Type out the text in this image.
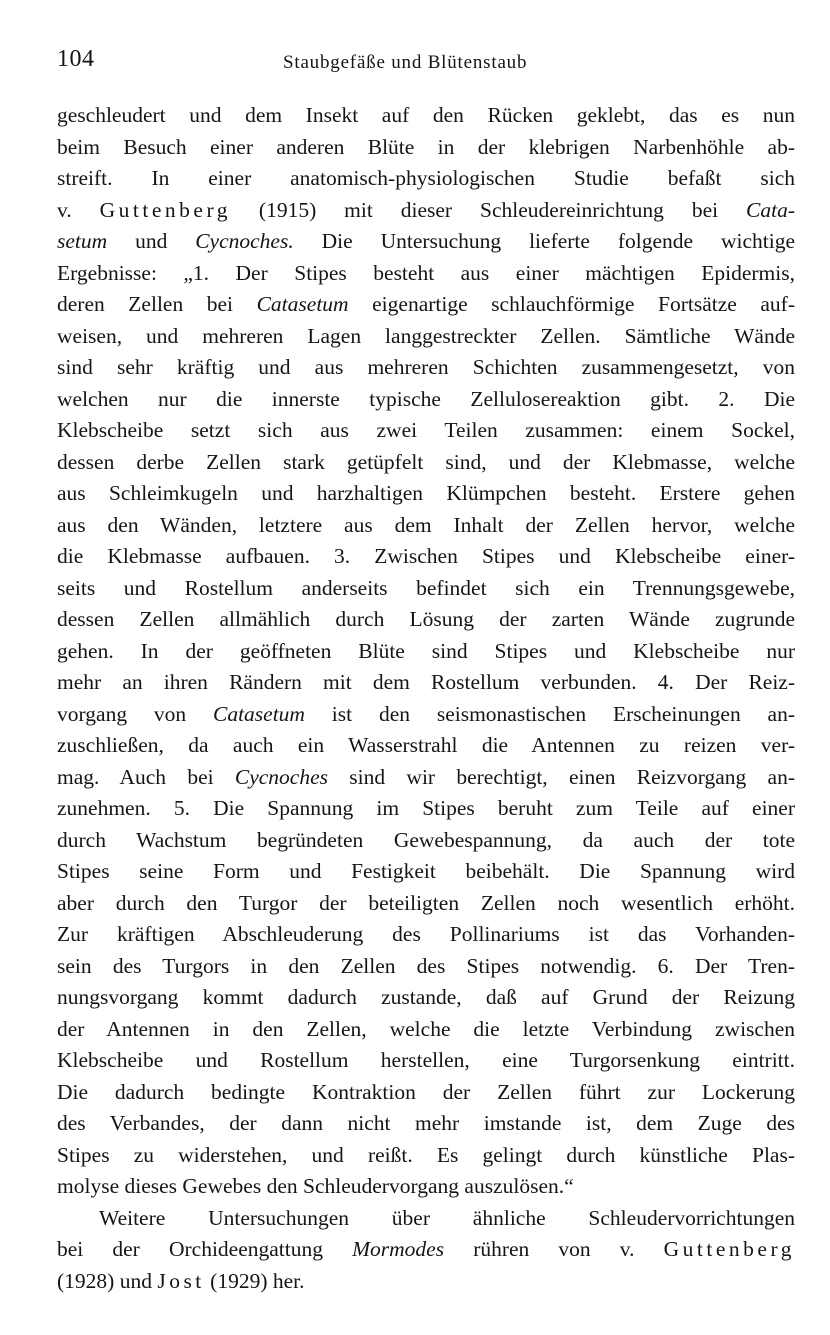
104	Staubgefäße und Blütenstaub
geschleudert und dem Insekt auf den Rücken geklebt, das es nun
beim Besuch einer anderen Blüte in der klebrigen Narbenhöhle ab-
streift. In einer anatomisch-physiologischen Studie befaßt sich
v. Guttenberg (1915) mit dieser Schleudereinrichtung bei Cata-
setum und Cycnoches. Die Untersuchung lieferte folgende wichtige
Ergebnisse: „1. Der Stipes besteht aus einer mächtigen Epidermis,
deren Zellen bei Catasetum eigenartige schlauchförmige Fortsätze auf-
weisen, und mehreren Lagen langgestreckter Zellen. Sämtliche Wände
sind sehr kräftig und aus mehreren Schichten zusammengesetzt, von
welchen nur die innerste typische Zellulosereaktion gibt. 2. Die
Klebscheibe setzt sich aus zwei Teilen zusammen: einem Sockel,
dessen derbe Zellen stark getüpfelt sind, und der Klebmasse, welche
aus Schleimkugeln und harzhaltigen Klümpchen besteht. Erstere gehen
aus den Wänden, letztere aus dem Inhalt der Zellen hervor, welche
die Klebmasse aufbauen. 3. Zwischen Stipes und Klebscheibe einer-
seits und Rostellum anderseits befindet sich ein Trennungsgewebe,
dessen Zellen allmählich durch Lösung der zarten Wände zugrunde
gehen. In der geöffneten Blüte sind Stipes und Klebscheibe nur
mehr an ihren Rändern mit dem Rostellum verbunden. 4. Der Reiz-
vorgang von Catasetum ist den seismonastischen Erscheinungen an-
zuschließen, da auch ein Wasserstrahl die Antennen zu reizen ver-
mag. Auch bei Cycnoches sind wir berechtigt, einen Reizvorgang an-
zunehmen. 5. Die Spannung im Stipes beruht zum Teile auf einer
durch Wachstum begründeten Gewebespannung, da auch der tote
Stipes seine Form und Festigkeit beibehält. Die Spannung wird
aber durch den Turgor der beteiligten Zellen noch wesentlich erhöht.
Zur kräftigen Abschleuderung des Pollinariums ist das Vorhanden-
sein des Turgors in den Zellen des Stipes notwendig. 6. Der Tren-
nungsvorgang kommt dadurch zustande, daß auf Grund der Reizung
der Antennen in den Zellen, welche die letzte Verbindung zwischen
Klebscheibe und Rostellum herstellen, eine Turgorsenkung eintritt.
Die dadurch bedingte Kontraktion der Zellen führt zur Lockerung
des Verbandes, der dann nicht mehr imstande ist, dem Zuge des
Stipes zu widerstehen, und reißt. Es gelingt durch künstliche Plas-
molyse dieses Gewebes den Schleudervorgang auszulösen.“
Weitere Untersuchungen über ähnliche Schleudervorrichtungen
bei der Orchideengattung Mormodes rühren von v. Guttenberg
(1928) und Jost (1929) her.
